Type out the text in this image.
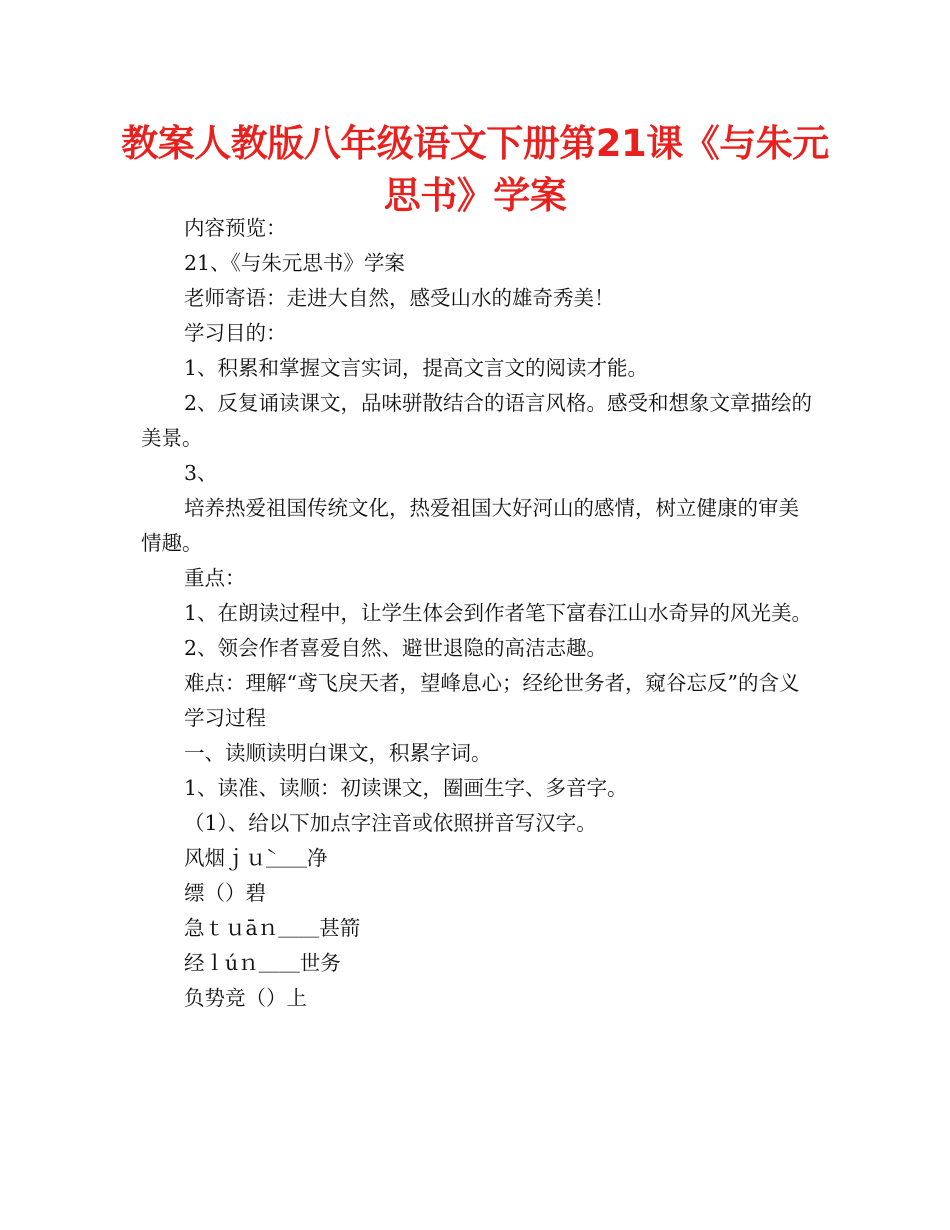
教案人教版八年级语文下册第21课《与朱元思书》学案

内容预览：

21、《与朱元思书》学案

老师寄语：走进大自然，感受山水的雄奇秀美！

学习目的：

1、积累和掌握文言实词，提高文言文的阅读才能。

2、反复诵读课文，品味骈散结合的语言风格。感受和想象文章描绘的美景。

3、

培养热爱祖国传统文化，热爱祖国大好河山的感情，树立健康的审美情趣。

重点：

1、在朗读过程中，让学生体会到作者笔下富春江山水奇异的风光美。

2、领会作者喜爱自然、避世退隐的高洁志趣。

难点：理解“鸢飞戾天者，望峰息心；经纶世务者，窥谷忘反”的含义

学习过程

一、读顺读明白课文，积累字词。

1、读准、读顺：初读课文，圈画生字、多音字。

（1）、给以下加点字注音或依照拼音写汉字。

风烟ｊｕ̀＿＿净

缥（）碧

急ｔｕāｎ＿＿甚箭

经ｌúｎ＿＿世务

负势竞（）上
